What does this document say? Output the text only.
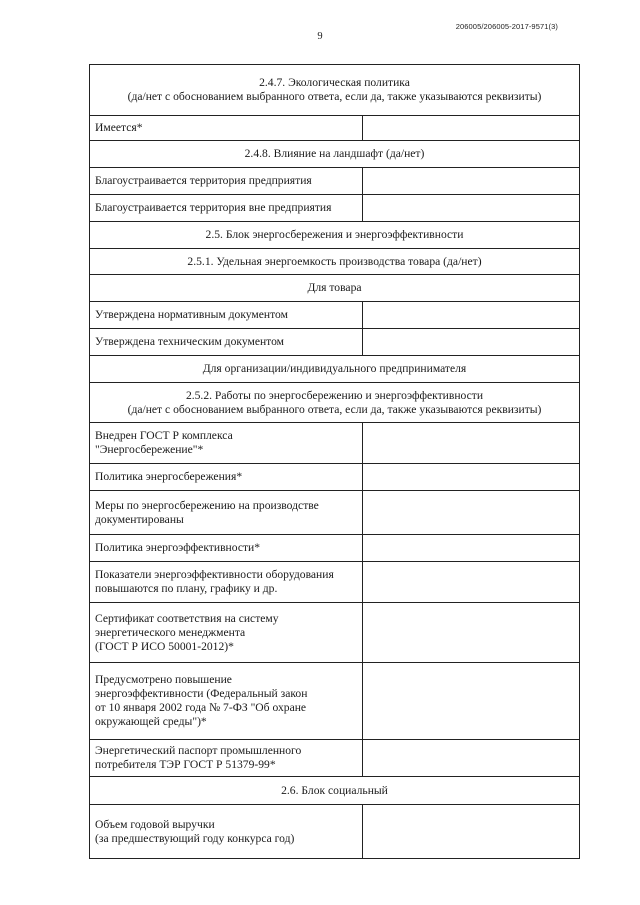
206005/206005-2017-9571(3)
9
2.4.7. Экологическая политика
(да/нет с обоснованием выбранного ответа, если да, также указываются реквизиты)
Имеется*
2.4.8. Влияние на ландшафт (да/нет)
Благоустраивается территория предприятия
Благоустраивается территория вне предприятия
2.5. Блок энергосбережения и энергоэффективности
2.5.1. Удельная энергоемкость производства товара (да/нет)
Для товара
Утверждена нормативным документом
Утверждена техническим документом
Для организации/индивидуального предпринимателя
2.5.2. Работы по энергосбережению и энергоэффективности
(да/нет с обоснованием выбранного ответа, если да, также указываются реквизиты)
Внедрен ГОСТ Р комплекса
"Энергосбережение"*
Политика энергосбережения*
Меры по энергосбережению на производстве
документированы
Политика энергоэффективности*
Показатели энергоэффективности оборудования
повышаются по плану, графику и др.
Сертификат соответствия на систему
энергетического менеджмента
(ГОСТ Р ИСО 50001-2012)*
Предусмотрено повышение
энергоэффективности (Федеральный закон
от 10 января 2002 года № 7-ФЗ "Об охране
окружающей среды")*
Энергетический паспорт промышленного
потребителя ТЭР ГОСТ Р 51379-99*
2.6. Блок социальный
Объем годовой выручки
(за предшествующий году конкурса год)
